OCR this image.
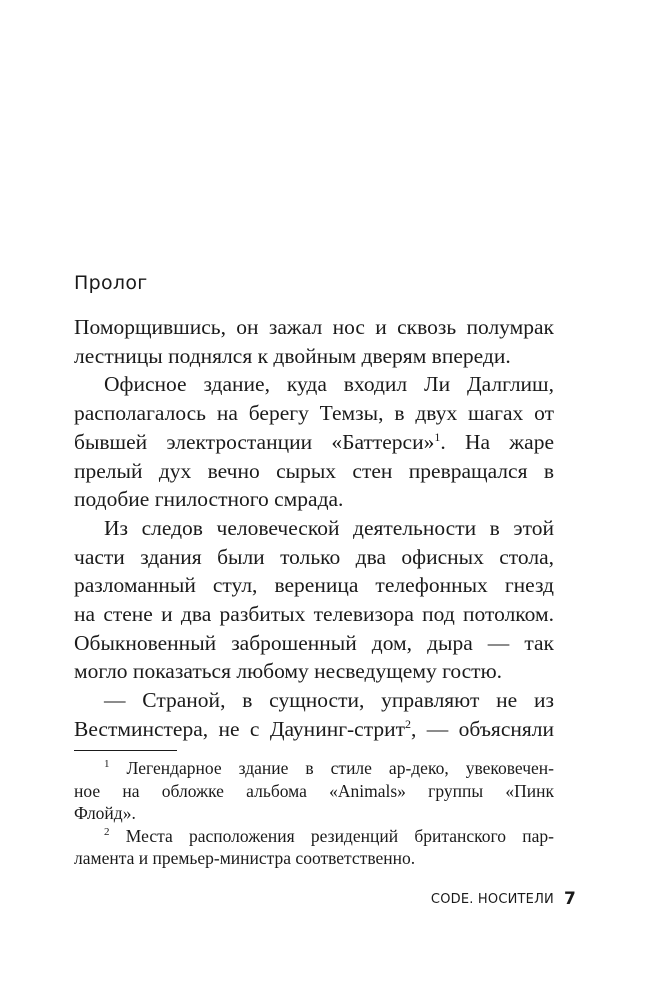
Пролог
Поморщившись, он зажал нос и сквозь полумрак
лестницы поднялся к двойным дверям впереди.
Офисное здание, куда входил Ли Далглиш,
располагалось на берегу Темзы, в двух шагах от
бывшей электростанции «Баттерси»$^1$. На жаре
прелый дух вечно сырых стен превращался в
подобие гнилостного смрада.
Из следов человеческой деятельности в этой
части здания были только два офисных стола,
разломанный стул, вереница телефонных гнезд
на стене и два разбитых телевизора под потолком.
Обыкновенный заброшенный дом, дыра — так
могло показаться любому несведущему гостю.
— Страной, в сущности, управляют не из
Вестминстера, не с Даунинг-стрит$^2$, — объясняли
$^1$ Легендарное здание в стиле ар-деко, увековечен-
ное на обложке альбома «Animals» группы «Пинк
Флойд».
$^2$ Места расположения резиденций британского пар-
ламента и премьер-министра соответственно.
CODE. НОСИТЕЛИ 7
